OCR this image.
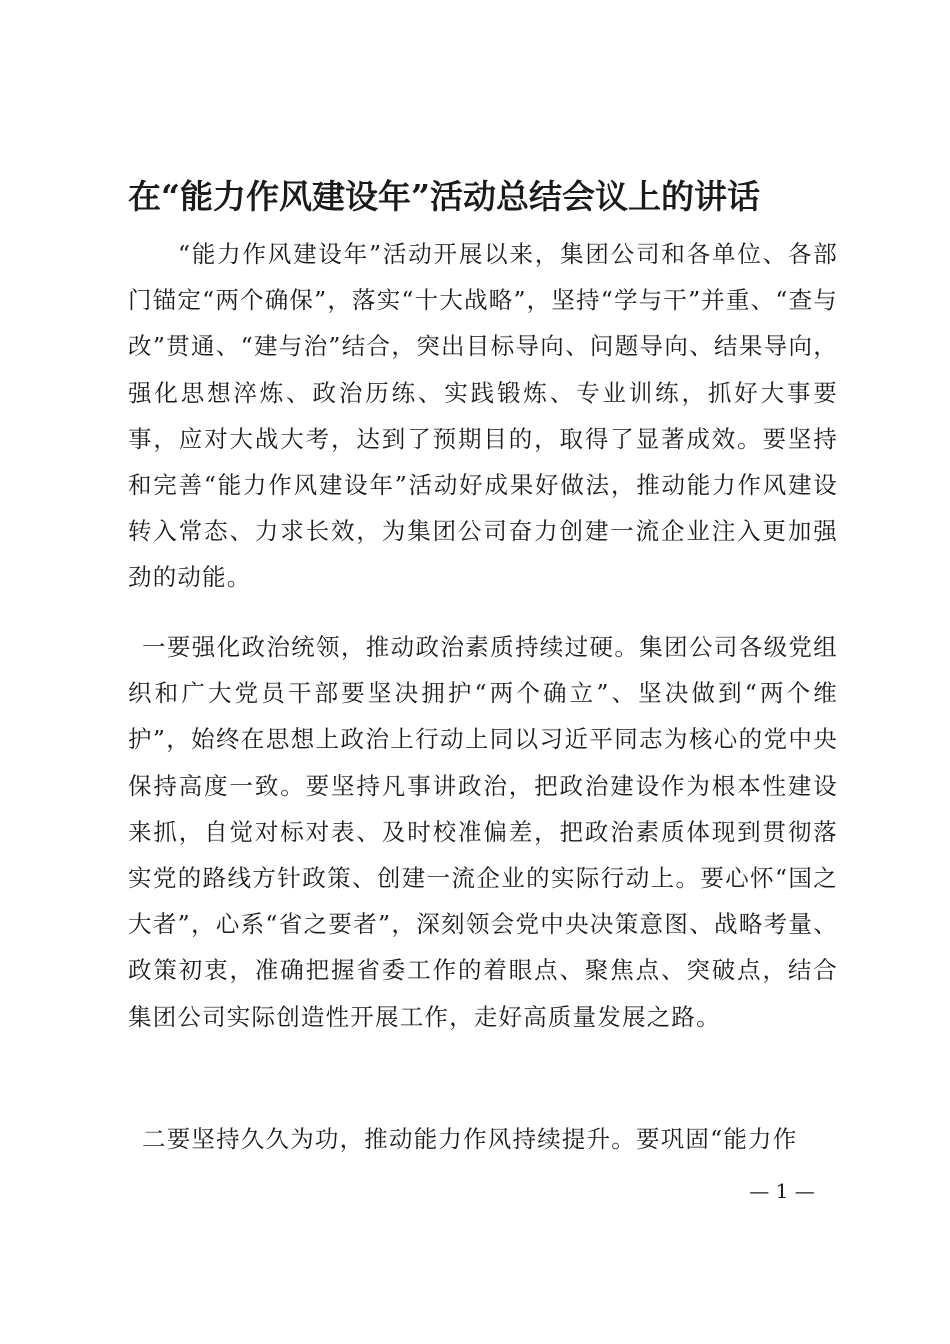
在“能力作风建设年”活动总结会议上的讲话
“能力作风建设年”活动开展以来，集团公司和各单位、各部门锚定“两个确保”，落实“十大战略”，坚持“学与干”并重、“查与改”贯通、“建与治”结合，突出目标导向、问题导向、结果导向，强化思想淬炼、政治历练、实践锻炼、专业训练，抓好大事要事，应对大战大考，达到了预期目的，取得了显著成效。要坚持和完善“能力作风建设年”活动好成果好做法，推动能力作风建设转入常态、力求长效，为集团公司奋力创建一流企业注入更加强劲的动能。
一要强化政治统领，推动政治素质持续过硬。集团公司各级党组织和广大党员干部要坚决拥护“两个确立”、坚决做到“两个维护”，始终在思想上政治上行动上同以习近平同志为核心的党中央保持高度一致。要坚持凡事讲政治，把政治建设作为根本性建设来抓，自觉对标对表、及时校准偏差，把政治素质体现到贯彻落实党的路线方针政策、创建一流企业的实际行动上。要心怀“国之大者”，心系“省之要者”，深刻领会党中央决策意图、战略考量、政策初衷，准确把握省委工作的着眼点、聚焦点、突破点，结合集团公司实际创造性开展工作，走好高质量发展之路。
二要坚持久久为功，推动能力作风持续提升。要巩固“能力作
— 1 —
